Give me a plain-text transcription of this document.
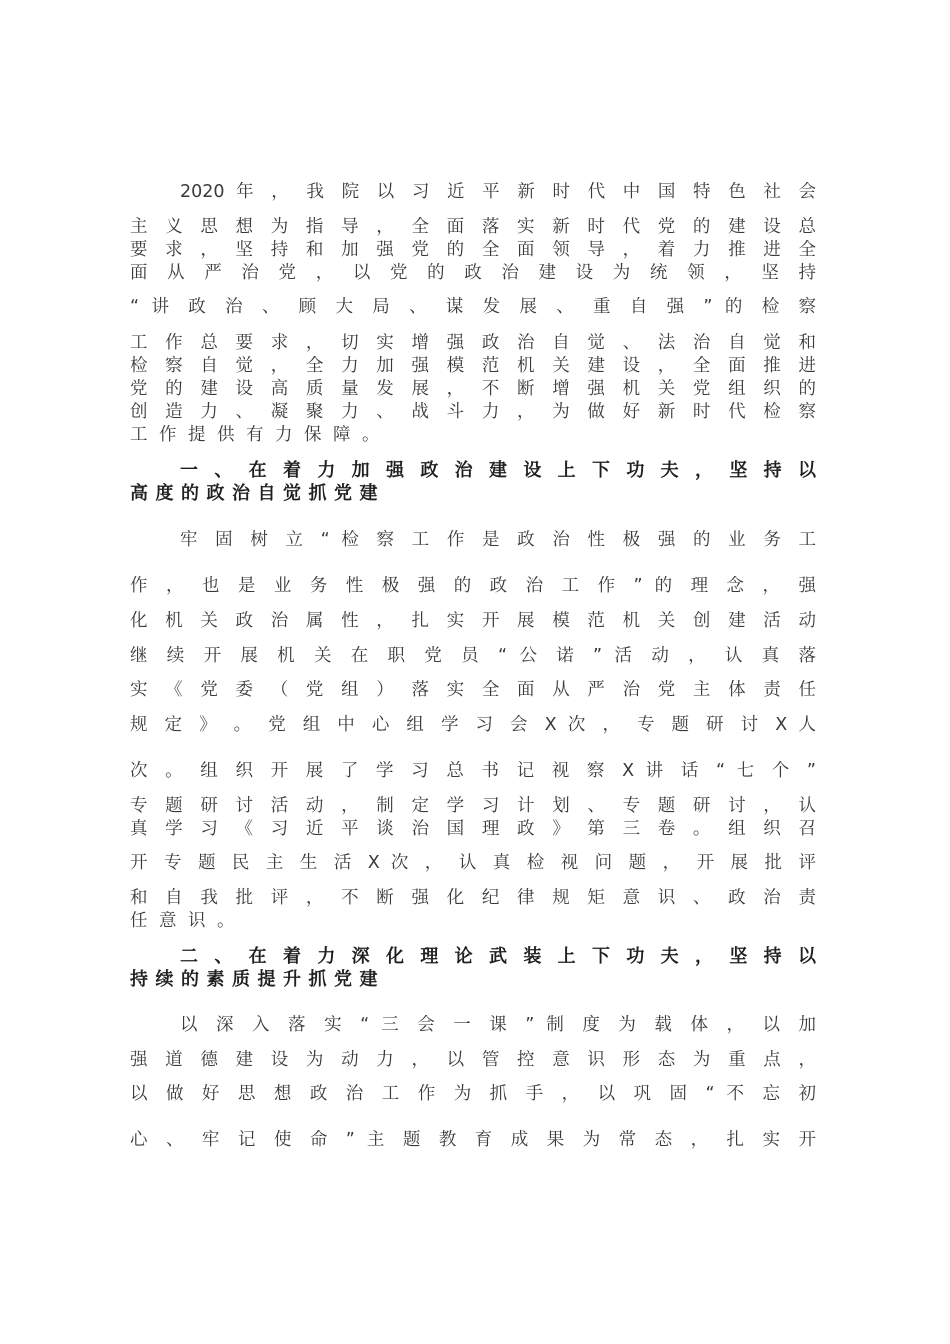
2020 年 ， 我 院 以 习 近 平 新 时 代 中 国 特 色 社 会
主 义 思 想 为 指 导 ， 全 面 落 实 新 时 代 党 的 建 设 总
要 求 ， 坚 持 和 加 强 党 的 全 面 领 导 ， 着 力 推 进 全
面 从 严 治 党 ， 以 党 的 政 治 建 设 为 统 领 ， 坚 持
“ 讲 政 治 、 顾 大 局 、 谋 发 展 、 重 自 强 ” 的 检 察
工 作 总 要 求 ， 切 实 增 强 政 治 自 觉 、 法 治 自 觉 和
检 察 自 觉 ， 全 力 加 强 模 范 机 关 建 设 ， 全 面 推 进
党 的 建 设 高 质 量 发 展 ， 不 断 增 强 机 关 党 组 织 的
创 造 力 、 凝 聚 力 、 战 斗 力 ， 为 做 好 新 时 代 检 察
工作提供有力保障。
一 、 在 着 力 加 强 政 治 建 设 上 下 功 夫 ， 坚 持 以
高度的政治自觉抓党建
牢 固 树 立 “ 检 察 工 作 是 政 治 性 极 强 的 业 务 工
作 ， 也 是 业 务 性 极 强 的 政 治 工 作 ” 的 理 念 ， 强
化 机 关 政 治 属 性 ， 扎 实 开 展 模 范 机 关 创 建 活 动
继 续 开 展 机 关 在 职 党 员 “ 公 诺 ” 活 动 ， 认 真 落
实 《 党 委 （ 党 组 ） 落 实 全 面 从 严 治 党 主 体 责 任
规 定 》 。 党 组 中 心 组 学 习 会 X 次 ， 专 题 研 讨 X 人
次 。 组 织 开 展 了 学 习 总 书 记 视 察 X 讲 话 “ 七 个 ”
专 题 研 讨 活 动 ， 制 定 学 习 计 划 、 专 题 研 讨 ， 认
真 学 习 《 习 近 平 谈 治 国 理 政 》 第 三 卷 。 组 织 召
开 专 题 民 主 生 活 X 次 ， 认 真 检 视 问 题 ， 开 展 批 评
和 自 我 批 评 ， 不 断 强 化 纪 律 规 矩 意 识 、 政 治 责
任意识。
二 、 在 着 力 深 化 理 论 武 装 上 下 功 夫 ， 坚 持 以
持续的素质提升抓党建
以 深 入 落 实 “ 三 会 一 课 ” 制 度 为 载 体 ， 以 加
强 道 德 建 设 为 动 力 ， 以 管 控 意 识 形 态 为 重 点 ，
以 做 好 思 想 政 治 工 作 为 抓 手 ， 以 巩 固 “ 不 忘 初
心 、 牢 记 使 命 ” 主 题 教 育 成 果 为 常 态 ， 扎 实 开
